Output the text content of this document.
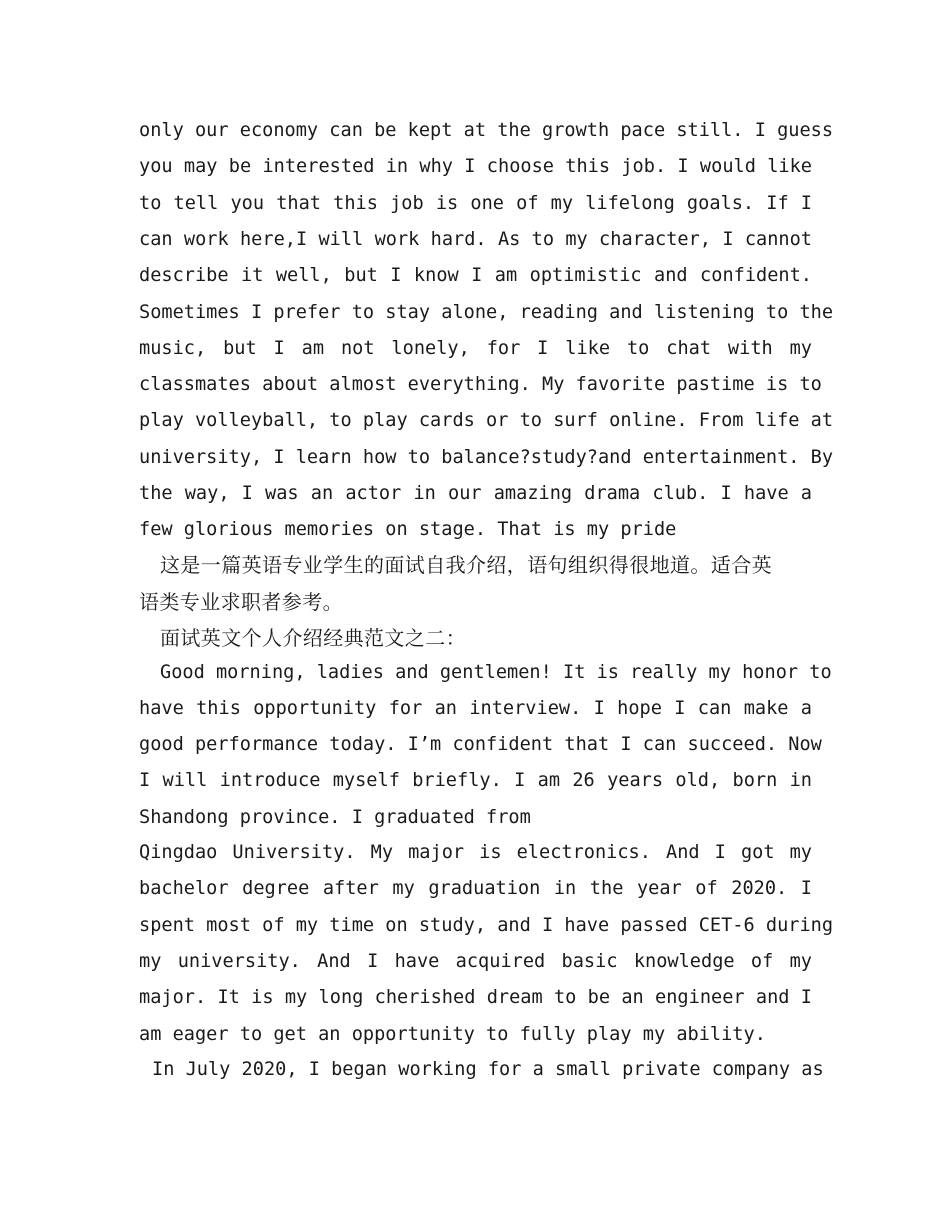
only our economy can be kept at the growth pace still. I guess
you may be interested in why I choose this job. I would like
to tell you that this job is one of my lifelong goals. If I
can work here,I will work hard. As to my character, I cannot
describe it well, but I know I am optimistic and confident.
Sometimes I prefer to stay alone, reading and listening to the
music, but I am not lonely, for I like to chat with my
classmates about almost everything. My favorite pastime is to
play volleyball, to play cards or to surf online. From life at
university, I learn how to balance?study?and entertainment. By
the way, I was an actor in our amazing drama club. I have a
few glorious memories on stage. That is my pride
这是一篇英语专业学生的面试自我介绍，语句组织得很地道。适合英
语类专业求职者参考。
面试英文个人介绍经典范文之二：
Good morning, ladies and gentlemen! It is really my honor to
have this opportunity for an interview. I hope I can make a
good performance today. I’m confident that I can succeed. Now
I will introduce myself briefly. I am 26 years old, born in
Shandong province. I graduated from
Qingdao University. My major is electronics. And I got my
bachelor degree after my graduation in the year of 2020. I
spent most of my time on study, and I have passed CET-6 during
my university. And I have acquired basic knowledge of my
major. It is my long cherished dream to be an engineer and I
am eager to get an opportunity to fully play my ability.
In July 2020, I began working for a small private company as
